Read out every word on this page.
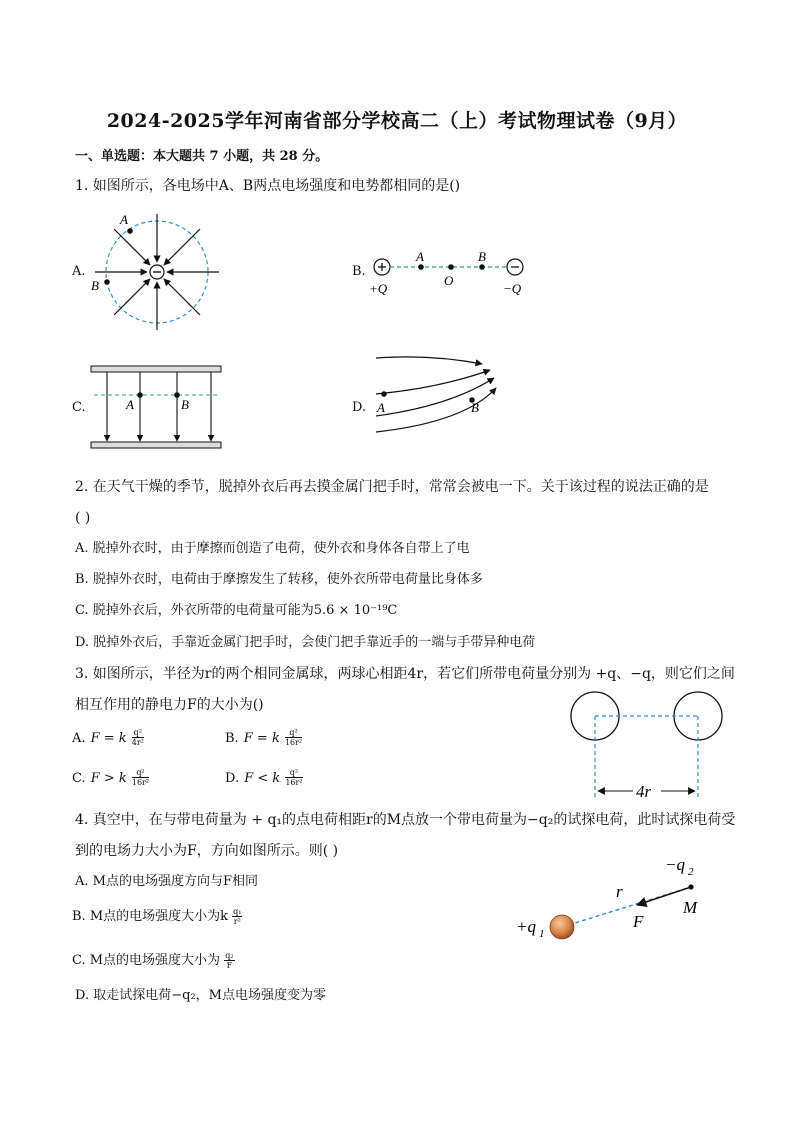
2024-2025学年河南省部分学校高二（上）考试物理试卷（9月）
一、单选题：本大题共 7 小题，共 28 分。
1. 如图所示，各电场中A、B两点电场强度和电势都相同的是()
A.
A
B
B.
A	B
O
+Q	−Q
C.	A	B	D. A	B
2. 在天气干燥的季节，脱掉外衣后再去摸金属门把手时，常常会被电一下。关于该过程的说法正确的是
( )
A. 脱掉外衣时，由于摩擦而创造了电荷，使外衣和身体各自带上了电
B. 脱掉外衣时，电荷由于摩擦发生了转移，使外衣所带电荷量比身体多
C. 脱掉外衣后，外衣所带的电荷量可能为5.6 × 10⁻¹⁹C
D. 脱掉外衣后，手靠近金属门把手时，会使门把手靠近手的一端与手带异种电荷
3. 如图所示，半径为r的两个相同金属球，两球心相距4r，若它们所带电荷量分别为 +q、−q，则它们之间
相互作用的静电力F的大小为()
A. F = k $\frac{\text{q²}}{\text{4r²}}$	B. F = k $\frac{\text{q²}}{\text{16r²}}$
C. F > k $\frac{\text{q²}}{\text{16r²}}$	D. F < k $\frac{\text{q²}}{\text{16r²}}$
4r
4. 真空中，在与带电荷量为 + q₁的点电荷相距r的M点放一个带电荷量为−q₂的试探电荷，此时试探电荷受
到的电场力大小为F，方向如图所示。则( )
A. M点的电场强度方向与F相同
B. M点的电场强度大小为k $\frac{\text{q₁}}{\text{r²}}$
C. M点的电场强度大小为 $\frac{\text{q₂}}{F}$
D. 取走试探电荷−q₂，M点电场强度变为零
−q 2
r
M
F
+q 1
